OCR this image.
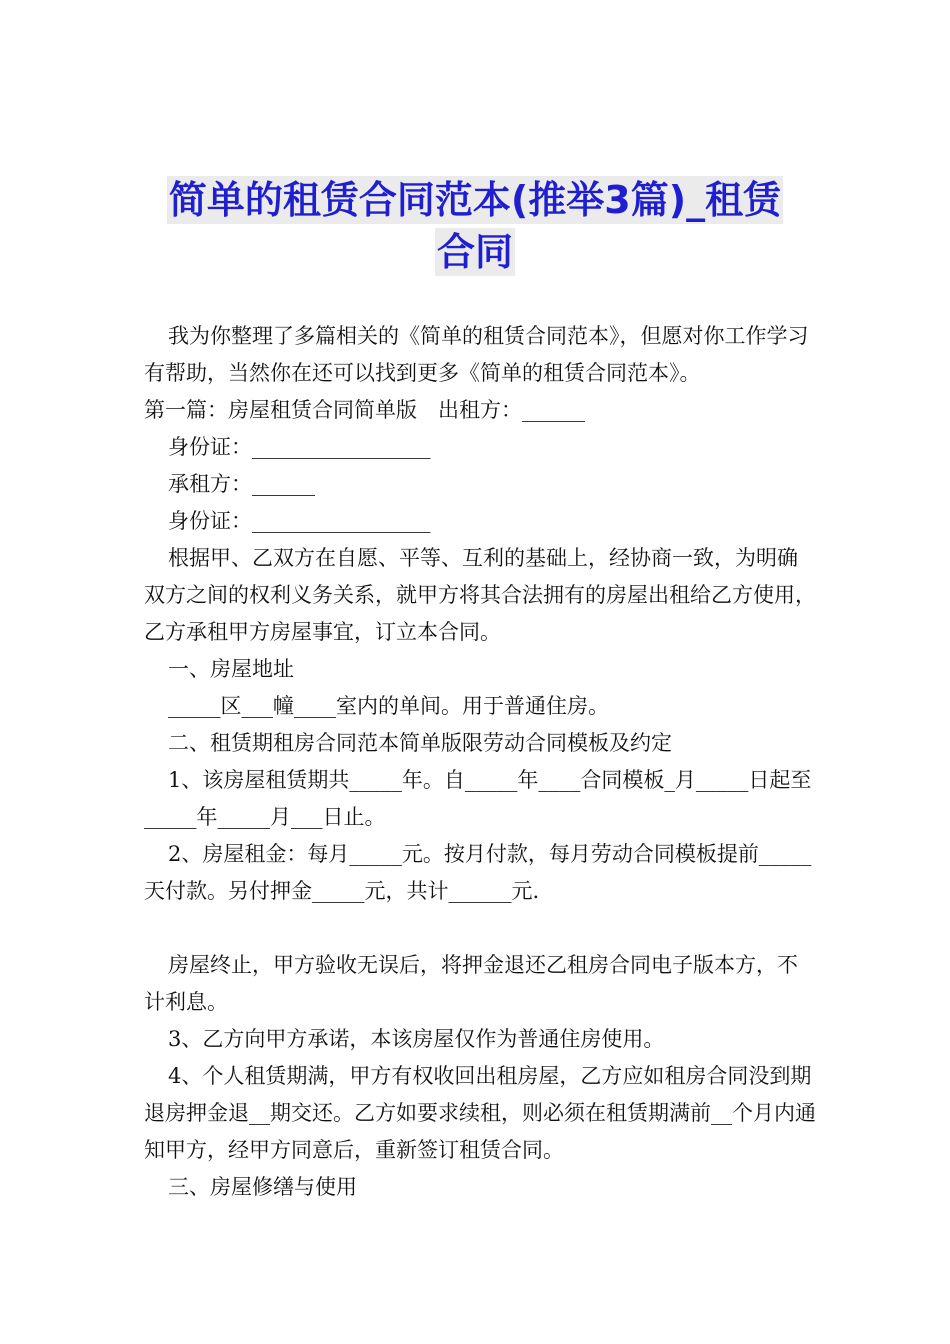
简单的租赁合同范本(推举3篇)_租赁
合同

我为你整理了多篇相关的《简单的租赁合同范本》，但愿对你工作学习有帮助，当然你在还可以找到更多《简单的租赁合同范本》。

第一篇：房屋租赁合同简单版　出租方：______

身份证：_________________

承租方：______

身份证：_________________

根据甲、乙双方在自愿、平等、互利的基础上，经协商一致，为明确双方之间的权利义务关系，就甲方将其合法拥有的房屋出租给乙方使用，乙方承租甲方房屋事宜，订立本合同。

一、房屋地址

_____区___幢____室内的单间。用于普通住房。

二、租赁期租房合同范本简单版限劳动合同模板及约定

1、该房屋租赁期共_____年。自_____年____合同模板_月_____日起至_____年_____月___日止。

2、房屋租金：每月_____元。按月付款，每月劳动合同模板提前_____天付款。另付押金_____元，共计______元.

房屋终止，甲方验收无误后，将押金退还乙租房合同电子版本方，不计利息。

3、乙方向甲方承诺，本该房屋仅作为普通住房使用。

4、个人租赁期满，甲方有权收回出租房屋，乙方应如租房合同没到期退房押金退__期交还。乙方如要求续租，则必须在租赁期满前__个月内通知甲方，经甲方同意后，重新签订租赁合同。

三、房屋修缮与使用
